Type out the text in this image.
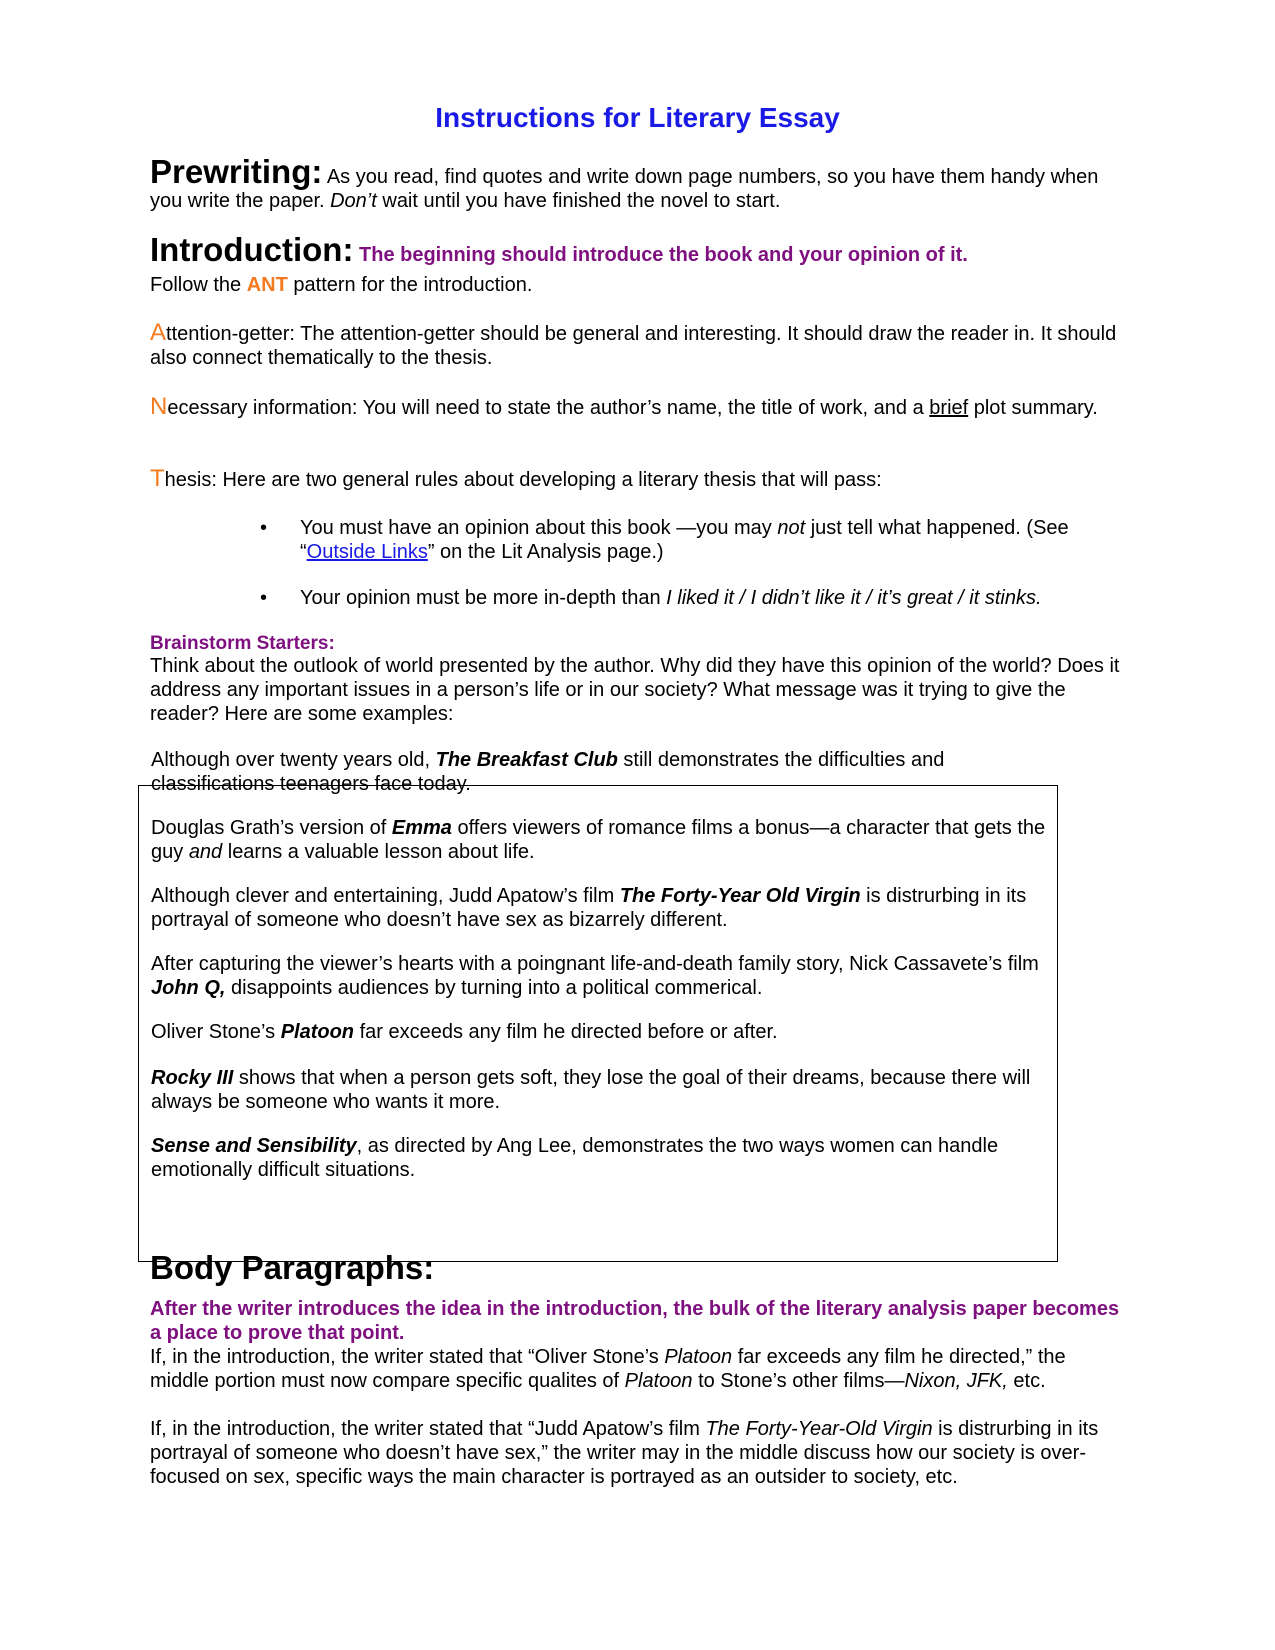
Instructions for Literary Essay

Prewriting: As you read, find quotes and write down page numbers, so you have them handy when you write the paper. Don’t wait until you have finished the novel to start.

Introduction: The beginning should introduce the book and your opinion of it.

Follow the ANT pattern for the introduction.

Attention-getter: The attention-getter should be general and interesting. It should draw the reader in. It should also connect thematically to the thesis.

Necessary information: You will need to state the author’s name, the title of work, and a brief plot summary.

Thesis: Here are two general rules about developing a literary thesis that will pass:

• You must have an opinion about this book —you may not just tell what happened. (See “Outside Links” on the Lit Analysis page.)
• Your opinion must be more in-depth than I liked it / I didn’t like it / it’s great / it stinks.

Brainstorm Starters:

Think about the outlook of world presented by the author. Why did they have this opinion of the world? Does it address any important issues in a person’s life or in our society? What message was it trying to give the reader? Here are some examples:

Although over twenty years old, The Breakfast Club still demonstrates the difficulties and classifications teenagers face today.

Douglas Grath’s version of Emma offers viewers of romance films a bonus—a character that gets the guy and learns a valuable lesson about life.

Although clever and entertaining, Judd Apatow’s film The Forty-Year Old Virgin is distrurbing in its portrayal of someone who doesn’t have sex as bizarrely different.

After capturing the viewer’s hearts with a poingnant life-and-death family story, Nick Cassavete’s film John Q, disappoints audiences by turning into a political commerical.

Oliver Stone’s Platoon far exceeds any film he directed before or after.

Rocky III shows that when a person gets soft, they lose the goal of their dreams, because there will always be someone who wants it more.

Sense and Sensibility, as directed by Ang Lee, demonstrates the two ways women can handle emotionally difficult situations.

Body Paragraphs:

After the writer introduces the idea in the introduction, the bulk of the literary analysis paper becomes a place to prove that point.

If, in the introduction, the writer stated that “Oliver Stone’s Platoon far exceeds any film he directed,” the middle portion must now compare specific qualites of Platoon to Stone’s other films—Nixon, JFK, etc.

If, in the introduction, the writer stated that “Judd Apatow’s film The Forty-Year-Old Virgin is distrurbing in its portrayal of someone who doesn’t have sex,” the writer may in the middle discuss how our society is over-focused on sex, specific ways the main character is portrayed as an outsider to society, etc.
